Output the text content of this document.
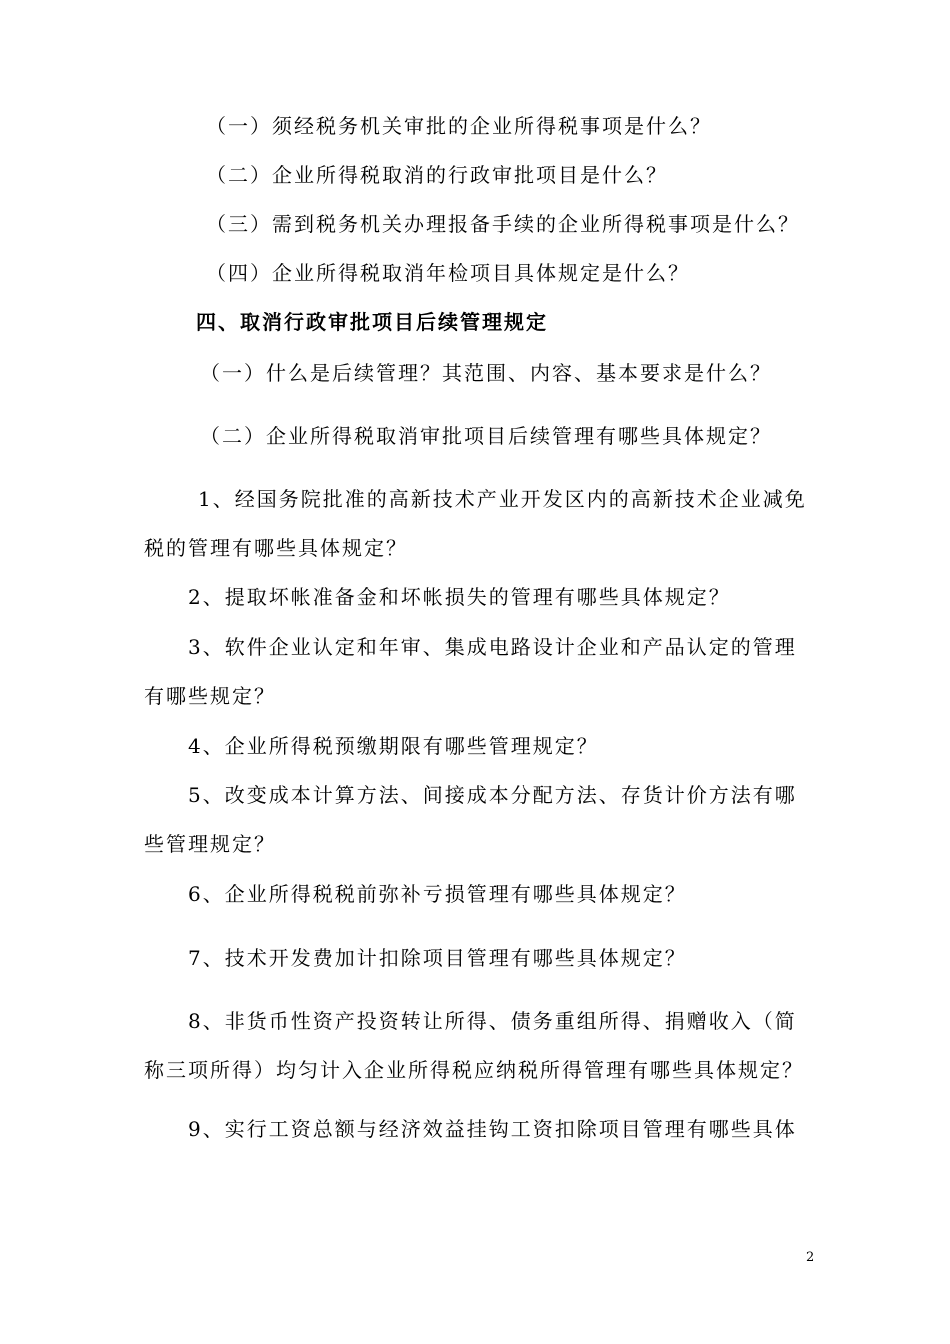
（一）须经税务机关审批的企业所得税事项是什么？

（二）企业所得税取消的行政审批项目是什么？

（三）需到税务机关办理报备手续的企业所得税事项是什么？

（四）企业所得税取消年检项目具体规定是什么？

四、取消行政审批项目后续管理规定

（一）什么是后续管理？其范围、内容、基本要求是什么？

（二）企业所得税取消审批项目后续管理有哪些具体规定？

1、经国务院批准的高新技术产业开发区内的高新技术企业减免

税的管理有哪些具体规定？

2、提取坏帐准备金和坏帐损失的管理有哪些具体规定？

3、软件企业认定和年审、集成电路设计企业和产品认定的管理

有哪些规定？

4、企业所得税预缴期限有哪些管理规定？

5、改变成本计算方法、间接成本分配方法、存货计价方法有哪

些管理规定？

6、企业所得税税前弥补亏损管理有哪些具体规定？

7、技术开发费加计扣除项目管理有哪些具体规定？

8、非货币性资产投资转让所得、债务重组所得、捐赠收入（简

称三项所得）均匀计入企业所得税应纳税所得管理有哪些具体规定？

9、实行工资总额与经济效益挂钩工资扣除项目管理有哪些具体

2
